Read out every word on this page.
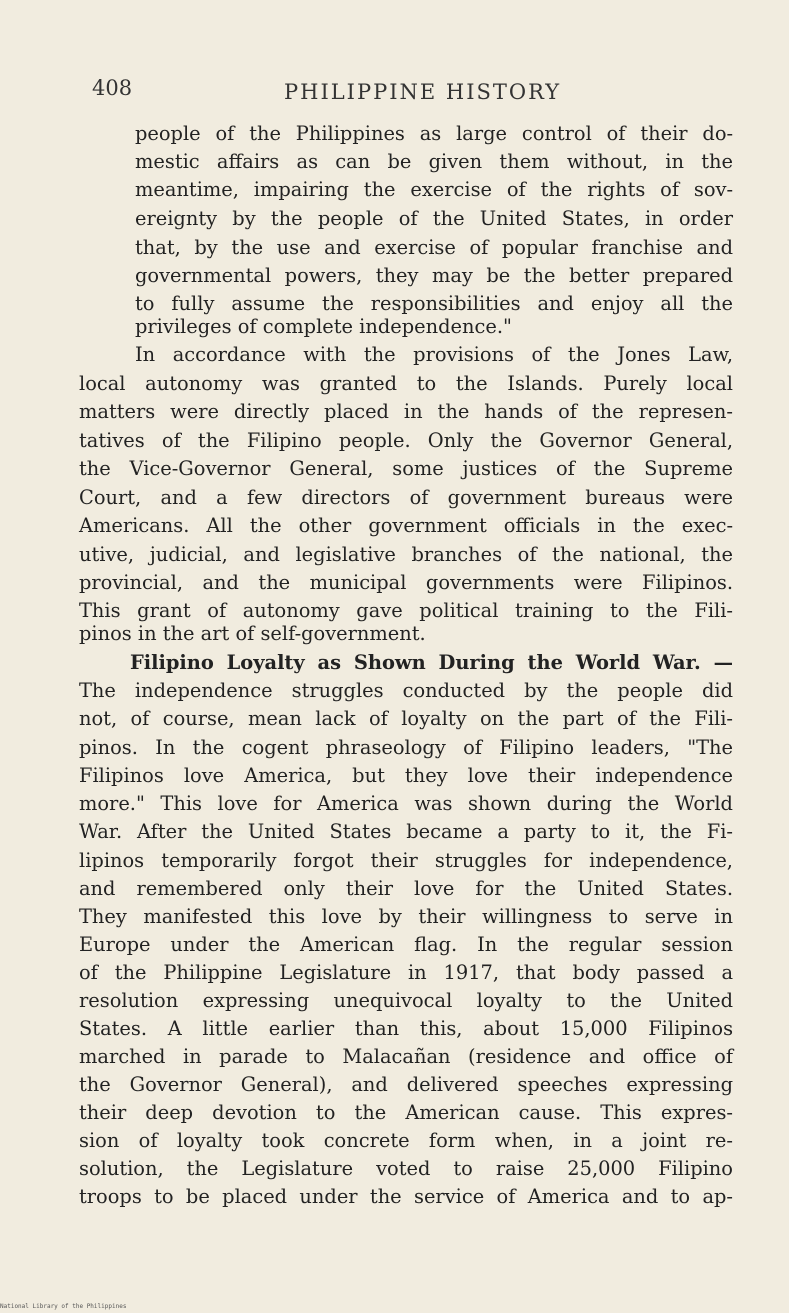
408	PHILIPPINE HISTORY
people of the Philippines as large control of their do-
mestic affairs as can be given them without, in the
meantime, impairing the exercise of the rights of sov-
ereignty by the people of the United States, in order
that, by the use and exercise of popular franchise and
governmental powers, they may be the better prepared
to fully assume the responsibilities and enjoy all the
privileges of complete independence."
In accordance with the provisions of the Jones Law,
local autonomy was granted to the Islands. Purely local
matters were directly placed in the hands of the represen-
tatives of the Filipino people. Only the Governor General,
the Vice-Governor General, some justices of the Supreme
Court, and a few directors of government bureaus were
Americans. All the other government officials in the exec-
utive, judicial, and legislative branches of the national, the
provincial, and the municipal governments were Filipinos.
This grant of autonomy gave political training to the Fili-
pinos in the art of self-government.
Filipino Loyalty as Shown During the World War. —
The independence struggles conducted by the people did
not, of course, mean lack of loyalty on the part of the Fili-
pinos. In the cogent phraseology of Filipino leaders, "The
Filipinos love America, but they love their independence
more." This love for America was shown during the World
War. After the United States became a party to it, the Fi-
lipinos temporarily forgot their struggles for independence,
and remembered only their love for the United States.
They manifested this love by their willingness to serve in
Europe under the American flag. In the regular session
of the Philippine Legislature in 1917, that body passed a
resolution expressing unequivocal loyalty to the United
States. A little earlier than this, about 15,000 Filipinos
marched in parade to Malacañan (residence and office of
the Governor General), and delivered speeches expressing
their deep devotion to the American cause. This expres-
sion of loyalty took concrete form when, in a joint re-
solution, the Legislature voted to raise 25,000 Filipino
troops to be placed under the service of America and to ap-
National Library of the Philippines
